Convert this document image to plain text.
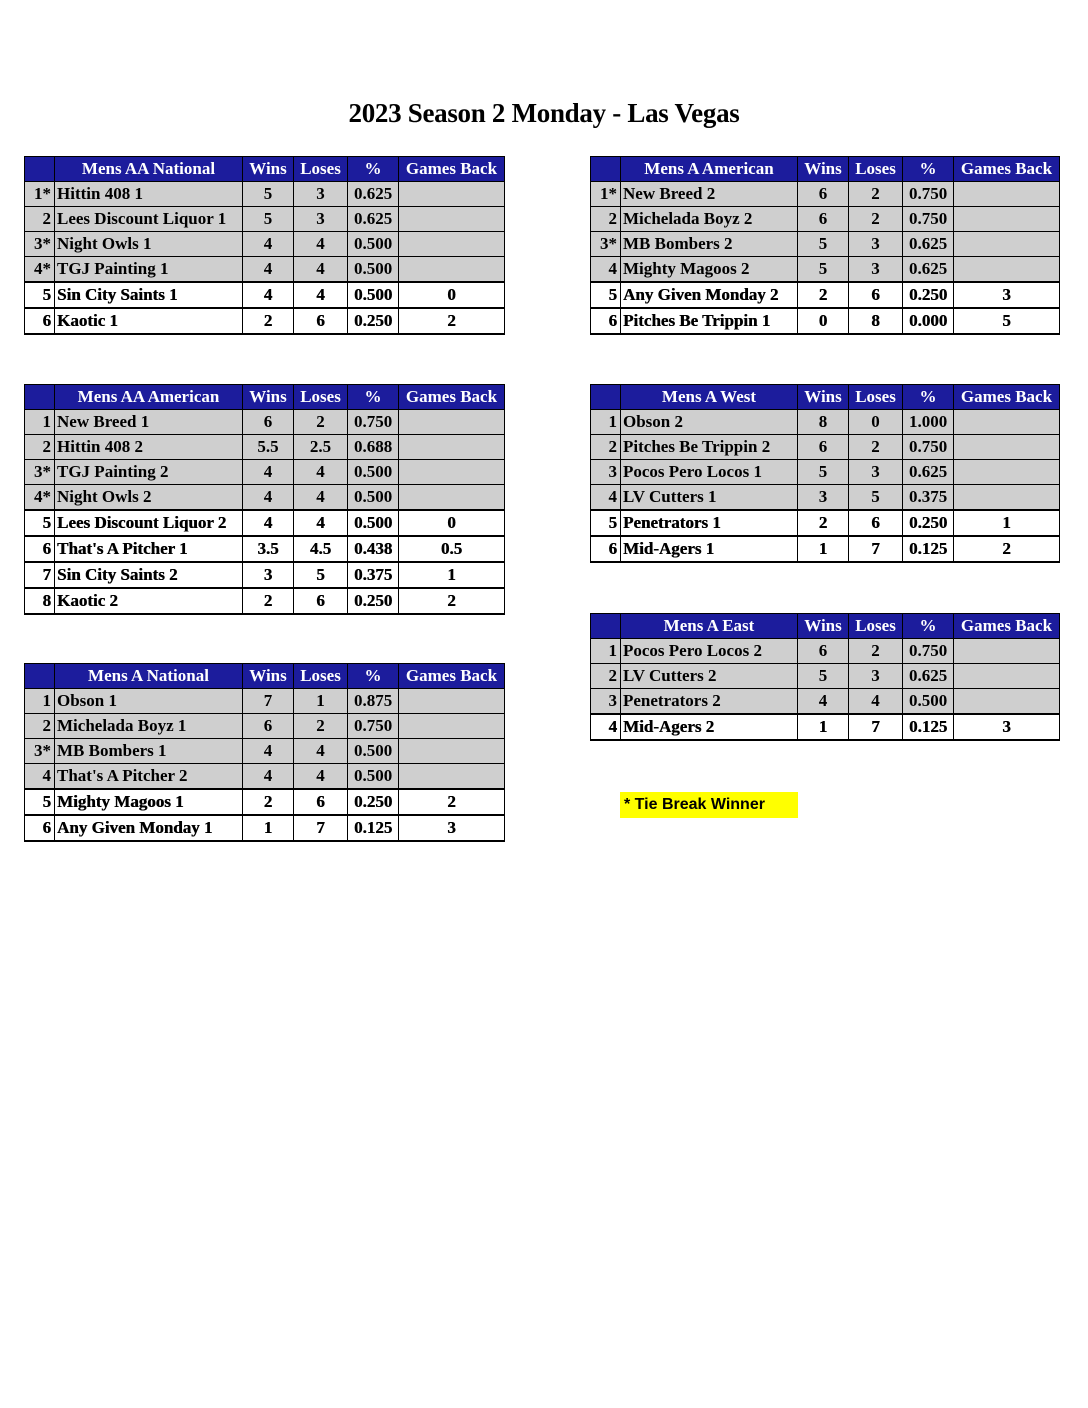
2023 Season 2 Monday - Las Vegas
	Mens AA National	Wins	Loses	%	Games Back
1*	Hittin 408 1	5	3	0.625	
2	Lees Discount Liquor 1	5	3	0.625	
3*	Night Owls 1	4	4	0.500	
4*	TGJ Painting 1	4	4	0.500	
5	Sin City Saints 1	4	4	0.500	0
6	Kaotic 1	2	6	0.250	2
	Mens A American	Wins	Loses	%	Games Back
1*	New Breed 2	6	2	0.750	
2	Michelada Boyz 2	6	2	0.750	
3*	MB Bombers 2	5	3	0.625	
4	Mighty Magoos 2	5	3	0.625	
5	Any Given Monday 2	2	6	0.250	3
6	Pitches Be Trippin 1	0	8	0.000	5
	Mens AA American	Wins	Loses	%	Games Back
1	New Breed 1	6	2	0.750	
2	Hittin 408 2	5.5	2.5	0.688	
3*	TGJ Painting 2	4	4	0.500	
4*	Night Owls 2	4	4	0.500	
5	Lees Discount Liquor 2	4	4	0.500	0
6	That's A Pitcher 1	3.5	4.5	0.438	0.5
7	Sin City Saints 2	3	5	0.375	1
8	Kaotic 2	2	6	0.250	2
	Mens A West	Wins	Loses	%	Games Back
1	Obson 2	8	0	1.000	
2	Pitches Be Trippin 2	6	2	0.750	
3	Pocos Pero Locos 1	5	3	0.625	
4	LV Cutters 1	3	5	0.375	
5	Penetrators 1	2	6	0.250	1
6	Mid-Agers 1	1	7	0.125	2
	Mens A East	Wins	Loses	%	Games Back
1	Pocos Pero Locos 2	6	2	0.750	
2	LV Cutters 2	5	3	0.625	
3	Penetrators 2	4	4	0.500	
4	Mid-Agers 2	1	7	0.125	3
	Mens A National	Wins	Loses	%	Games Back
1	Obson 1	7	1	0.875	
2	Michelada Boyz 1	6	2	0.750	
3*	MB Bombers 1	4	4	0.500	
4	That's A Pitcher 2	4	4	0.500	
5	Mighty Magoos 1	2	6	0.250	2
6	Any Given Monday 1	1	7	0.125	3
* Tie Break Winner
